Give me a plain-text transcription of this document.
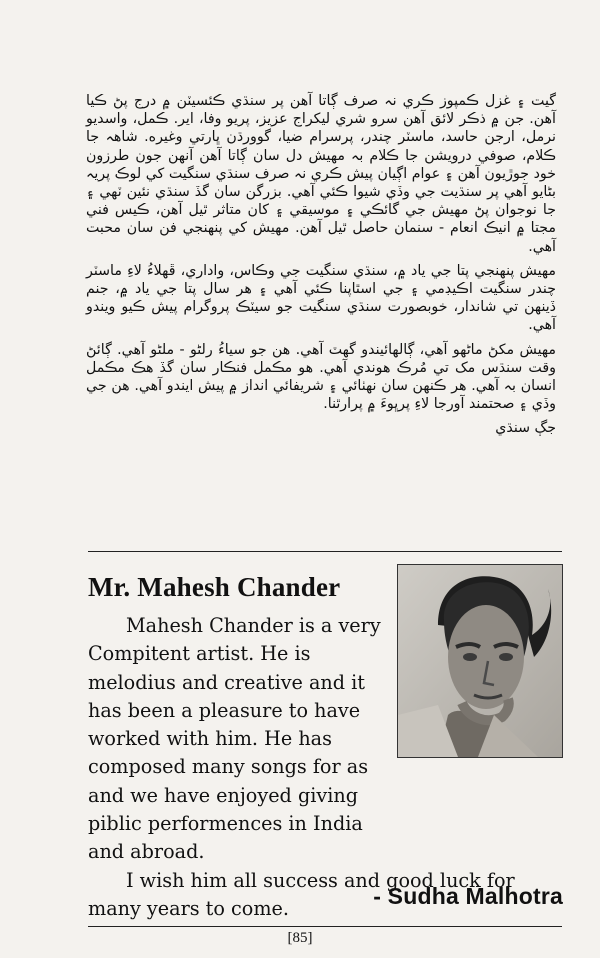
گيت ۽ غزل ڪمپوز ڪري نہ صرف ڳاتا آهن پر سنڌي ڪئسيٽن ۾ درج پڻ ڪيا آهن. جن ۾ ذڪر لائق آهن سرو شري ليکراج عزيز، پريو وفا، اير. ڪمل، واسديو نرمل، ارجن حاسد، ماسٽر چندر، پرسرام ضيا، گوورڌن ڀارتي وغيره. شاهہ جا ڪلام، صوفي درويشن جا ڪلام بہ مهيش دل سان ڳاتا آهن آنهن جون طرزون خود جوڙيون آهن ۽ عوام اڳيان پيش ڪري نہ صرف سنڌي سنگيت کي لوڪ پريہ بڻايو آهي پر سنڌيت جي وڏي شيوا ڪئي آهي. بزرگن سان گڏ سنڌي نئين ٽهي ۽ جا نوجوان پڻ مهيش جي گائڪي ۽ موسيقي ۽ کان متاثر ٿيل آهن، ڪيس فني مجتا ۾ انيڪ انعام - سنمان حاصل ٿيل آهن. مهيش کي پنهنجي فن سان محبت آهي.

مهيش پنهنجي پتا جي ياد ۾، سنڌي سنگيت جي وڪاس، واداري، ڦهلاءُ لاءِ ماسٽر چندر سنگيت اڪيڊمي ۽ جي اسٿاپنا ڪئي آهي ۽ هر سال پتا جي ياد ۾، جنم ڏينهن تي شاندار، خوبصورت سنڌي سنگيت جو سيٽڪ پروگرام پيش ڪيو ويندو آهي.

مهيش مکڻ ماڻهو آهي، ڳالهائيندو گهٽ آهي. هن جو سياءُ رلڻو - ملڻو آهي. ڳائڻ وقت سنڌس مک تي مُرڪ هوندي آهي. هو مڪمل فنڪار سان گڏ هڪ مڪمل انسان بہ آهي. هر ڪنهن سان نهٺائي ۽ شريفائي انداز ۾ پيش ايندو آهي. هن جي وڏي ۽ صحتمند آورجا لاءِ پرڀوءَ ۾ پرارٿنا.

جڳ سنڌي
Mr. Mahesh Chander

Mahesh Chander is a very Compitent artist. He is melodius and creative and it has been a pleasure to have worked with him. He has composed many songs for as and we have enjoyed giving piblic performences in India and abroad.

I wish him all success and good luck for many years to come.	- Sudha Malhotra
[85]
